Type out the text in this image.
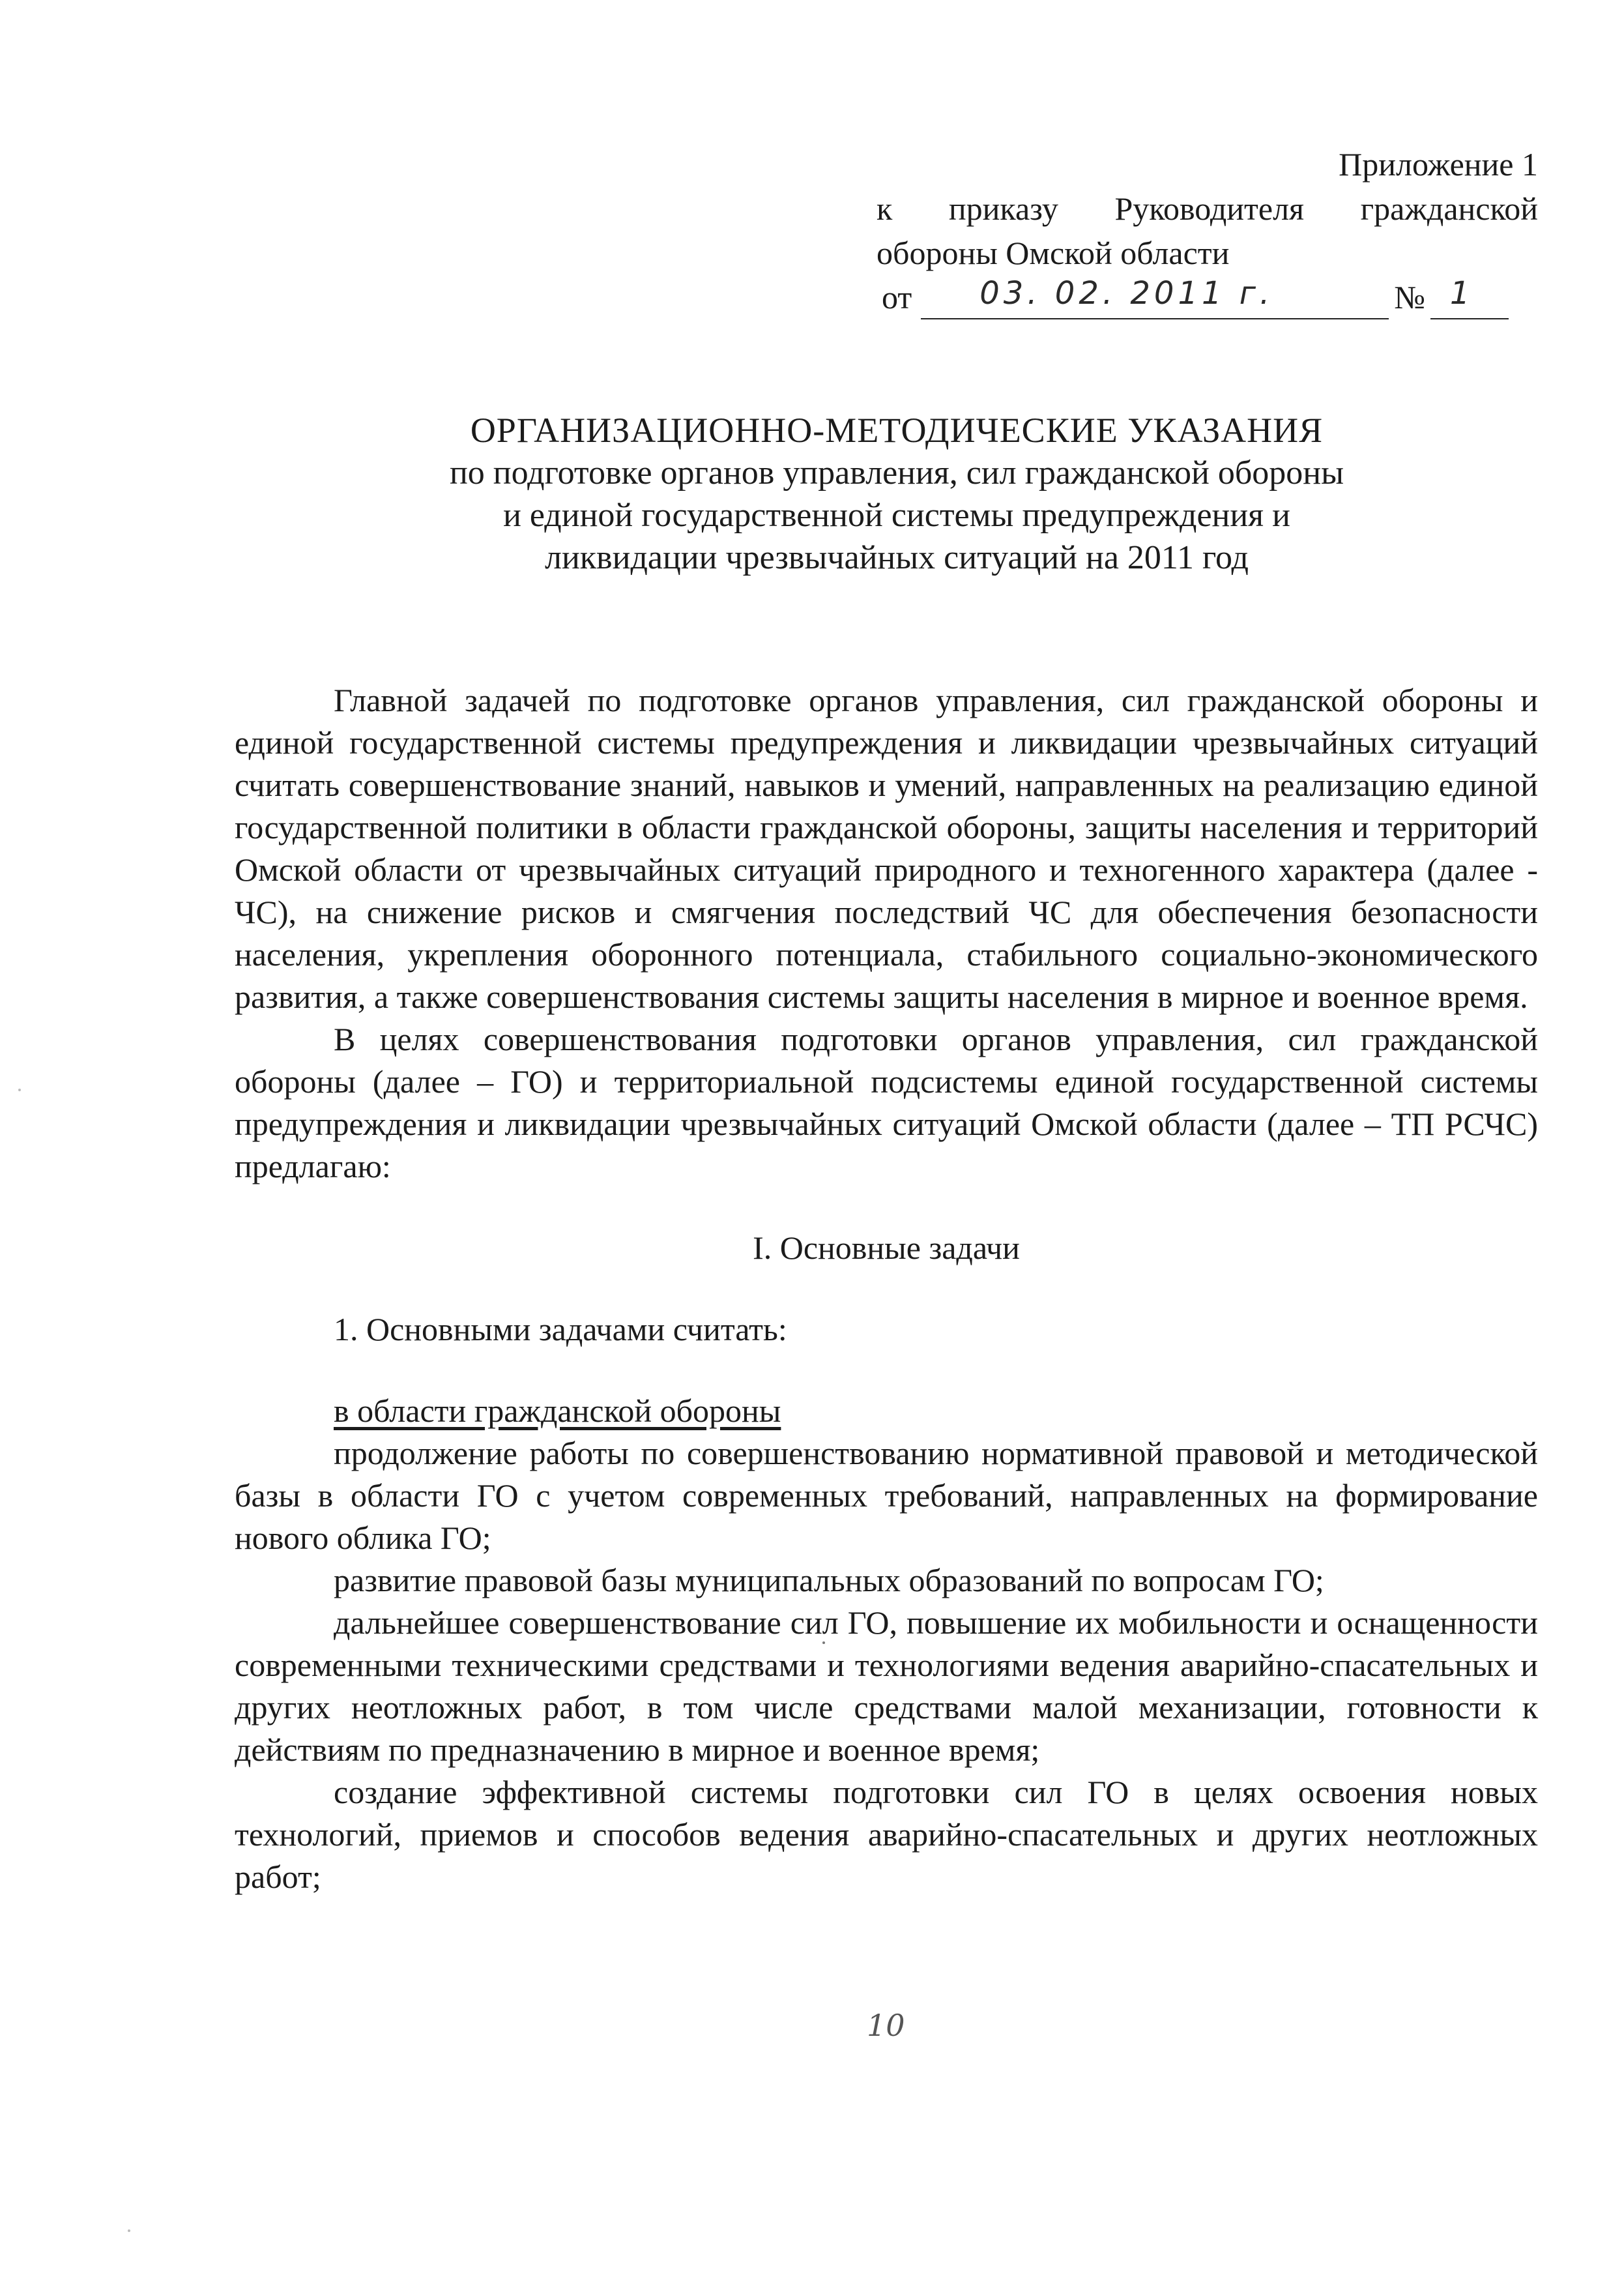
Приложение 1
к приказу Руководителя гражданской
обороны Омской области
от 03. 02. 2011 г.	№ 1
ОРГАНИЗАЦИОННО-МЕТОДИЧЕСКИЕ УКАЗАНИЯ
по подготовке органов управления, сил гражданской обороны
и единой государственной системы предупреждения и
ликвидации чрезвычайных ситуаций на 2011 год

Главной задачей по подготовке органов управления, сил гражданской обороны и единой государственной системы предупреждения и ликвидации чрезвычайных ситуаций считать совершенствование знаний, навыков и умений, направленных на реализацию единой государственной политики в области гражданской обороны, защиты населения и территорий Омской области от чрезвычайных ситуаций природного и техногенного характера (далее - ЧС), на снижение рисков и смягчения последствий ЧС для обеспечения безопасности населения, укрепления оборонного потенциала, стабильного социально-экономического развития, а также совершенствования системы защиты населения в мирное и военное время.

В целях совершенствования подготовки органов управления, сил гражданской обороны (далее – ГО) и территориальной подсистемы единой государственной системы предупреждения и ликвидации чрезвычайных ситуаций Омской области (далее – ТП РСЧС) предлагаю:

I. Основные задачи

1. Основными задачами считать:

в области гражданской обороны

продолжение работы по совершенствованию нормативной правовой и методической базы в области ГО с учетом современных требований, направленных на формирование нового облика ГО;

развитие правовой базы муниципальных образований по вопросам ГО;

дальнейшее совершенствование сил ГО, повышение их мобильности и оснащенности современными техническими средствами и технологиями ведения аварийно-спасательных и других неотложных работ, в том числе средствами малой механизации, готовности к действиям по предназначению в мирное и военное время;

создание эффективной системы подготовки сил ГО в целях освоения новых технологий, приемов и способов ведения аварийно-спасательных и других неотложных работ;

10
